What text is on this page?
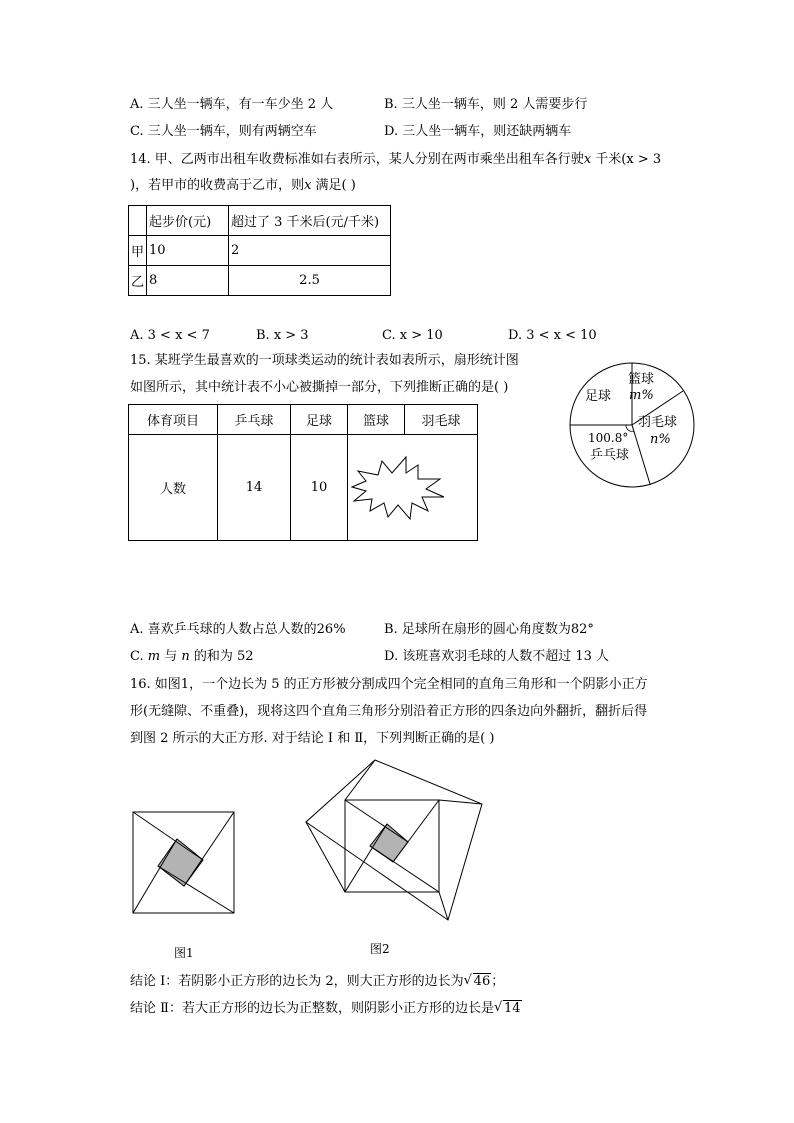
A. 三人坐一辆车，有一车少坐 2 人	B. 三人坐一辆车，则 2 人需要步行
C. 三人坐一辆车，则有两辆空车	D. 三人坐一辆车，则还缺两辆车
14. 甲、乙两市出租车收费标准如右表所示，某人分别在两市乘坐出租车各行驶x 千米(x > 3
)，若甲市的收费高于乙市，则x 满足( )
	起步价(元)	超过了 3 千米后(元/千米)
甲	10	2
乙	8	2.5
A. 3 < x < 7	B. x > 3	C. x > 10	D. 3 < x < 10
15. 某班学生最喜欢的一项球类运动的统计表如表所示，扇形统计图
如图所示，其中统计表不小心被撕掉一部分，下列推断正确的是( )
体育项目	乒乓球	足球	篮球	羽毛球
人数	14	10	
足球
篮球
m%
羽毛球
n%
100.8°
乒乓球
A. 喜欢乒乓球的人数占总人数的26%	B. 足球所在扇形的圆心角度数为82°
C. m 与 n 的和为 52	D. 该班喜欢羽毛球的人数不超过 13 人
16. 如图1，一个边长为 5 的正方形被分割成四个完全相同的直角三角形和一个阴影小正方
形(无缝隙、不重叠)，现将这四个直角三角形分别沿着正方形的四条边向外翻折，翻折后得
到图 2 所示的大正方形. 对于结论 Ⅰ 和 Ⅱ，下列判断正确的是( )
图1	图2
结论 Ⅰ：若阴影小正方形的边长为 2，则大正方形的边长为 √ 46；
结论 Ⅱ：若大正方形的边长为正整数，则阴影小正方形的边长是 √ 14
